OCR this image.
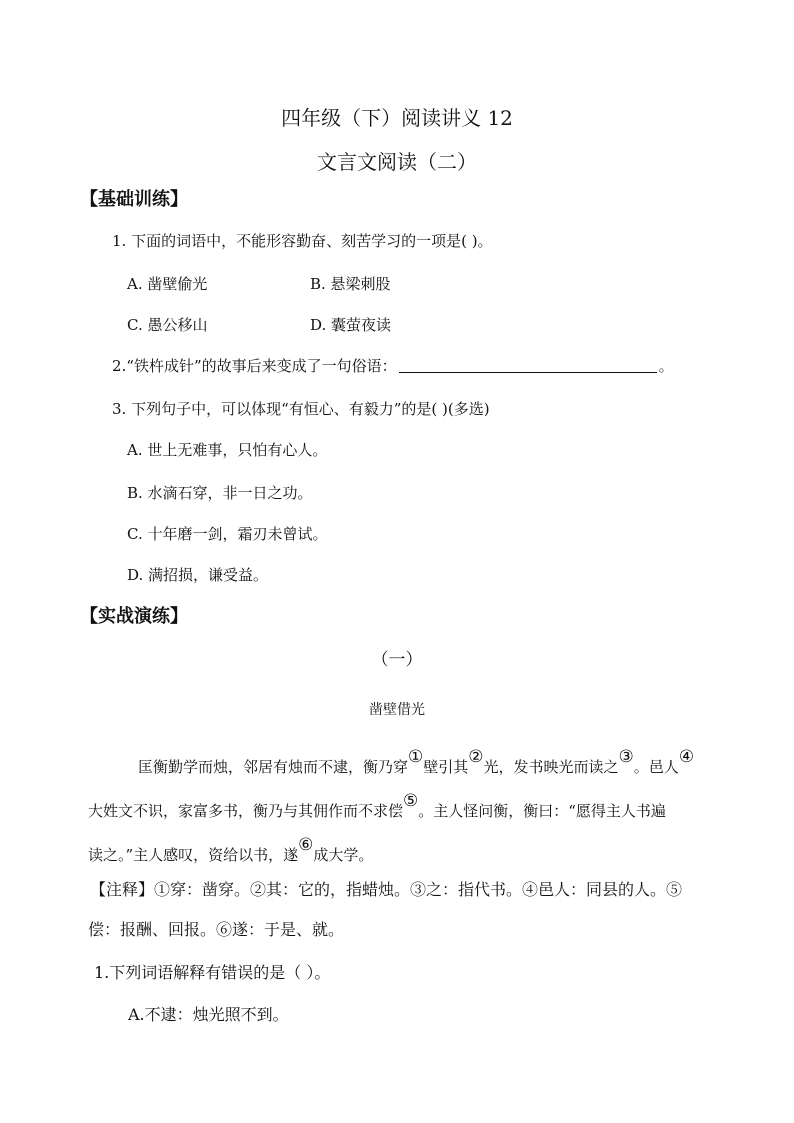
四年级（下）阅读讲义 12
文言文阅读（二）
【基础训练】
1. 下面的词语中，不能形容勤奋、刻苦学习的一项是( )。
A. 凿壁偷光	B. 悬梁刺股
C. 愚公移山	D. 囊萤夜读
2.“铁杵成针”的故事后来变成了一句俗语：	。
3. 下列句子中，可以体现“有恒心、有毅力”的是( )(多选)
A. 世上无难事，只怕有心人。
B. 水滴石穿，非一日之功。
C. 十年磨一剑，霜刃未曾试。
D. 满招损，谦受益。
【实战演练】
（一）
凿壁借光
匡衡勤学而烛，邻居有烛而不逮，衡乃穿①壁引其②光，发书映光而读之③。邑人④
大姓文不识，家富多书，衡乃与其佣作而不求偿⑤。主人怪问衡，衡曰：“愿得主人书遍
读之。”主人感叹，资给以书，遂⑥成大学。
【注释】①穿：凿穿。②其：它的，指蜡烛。③之：指代书。④邑人：同县的人。⑤
偿：报酬、回报。⑥遂：于是、就。
1.下列词语解释有错误的是（ ）。
A.不逮：烛光照不到。
